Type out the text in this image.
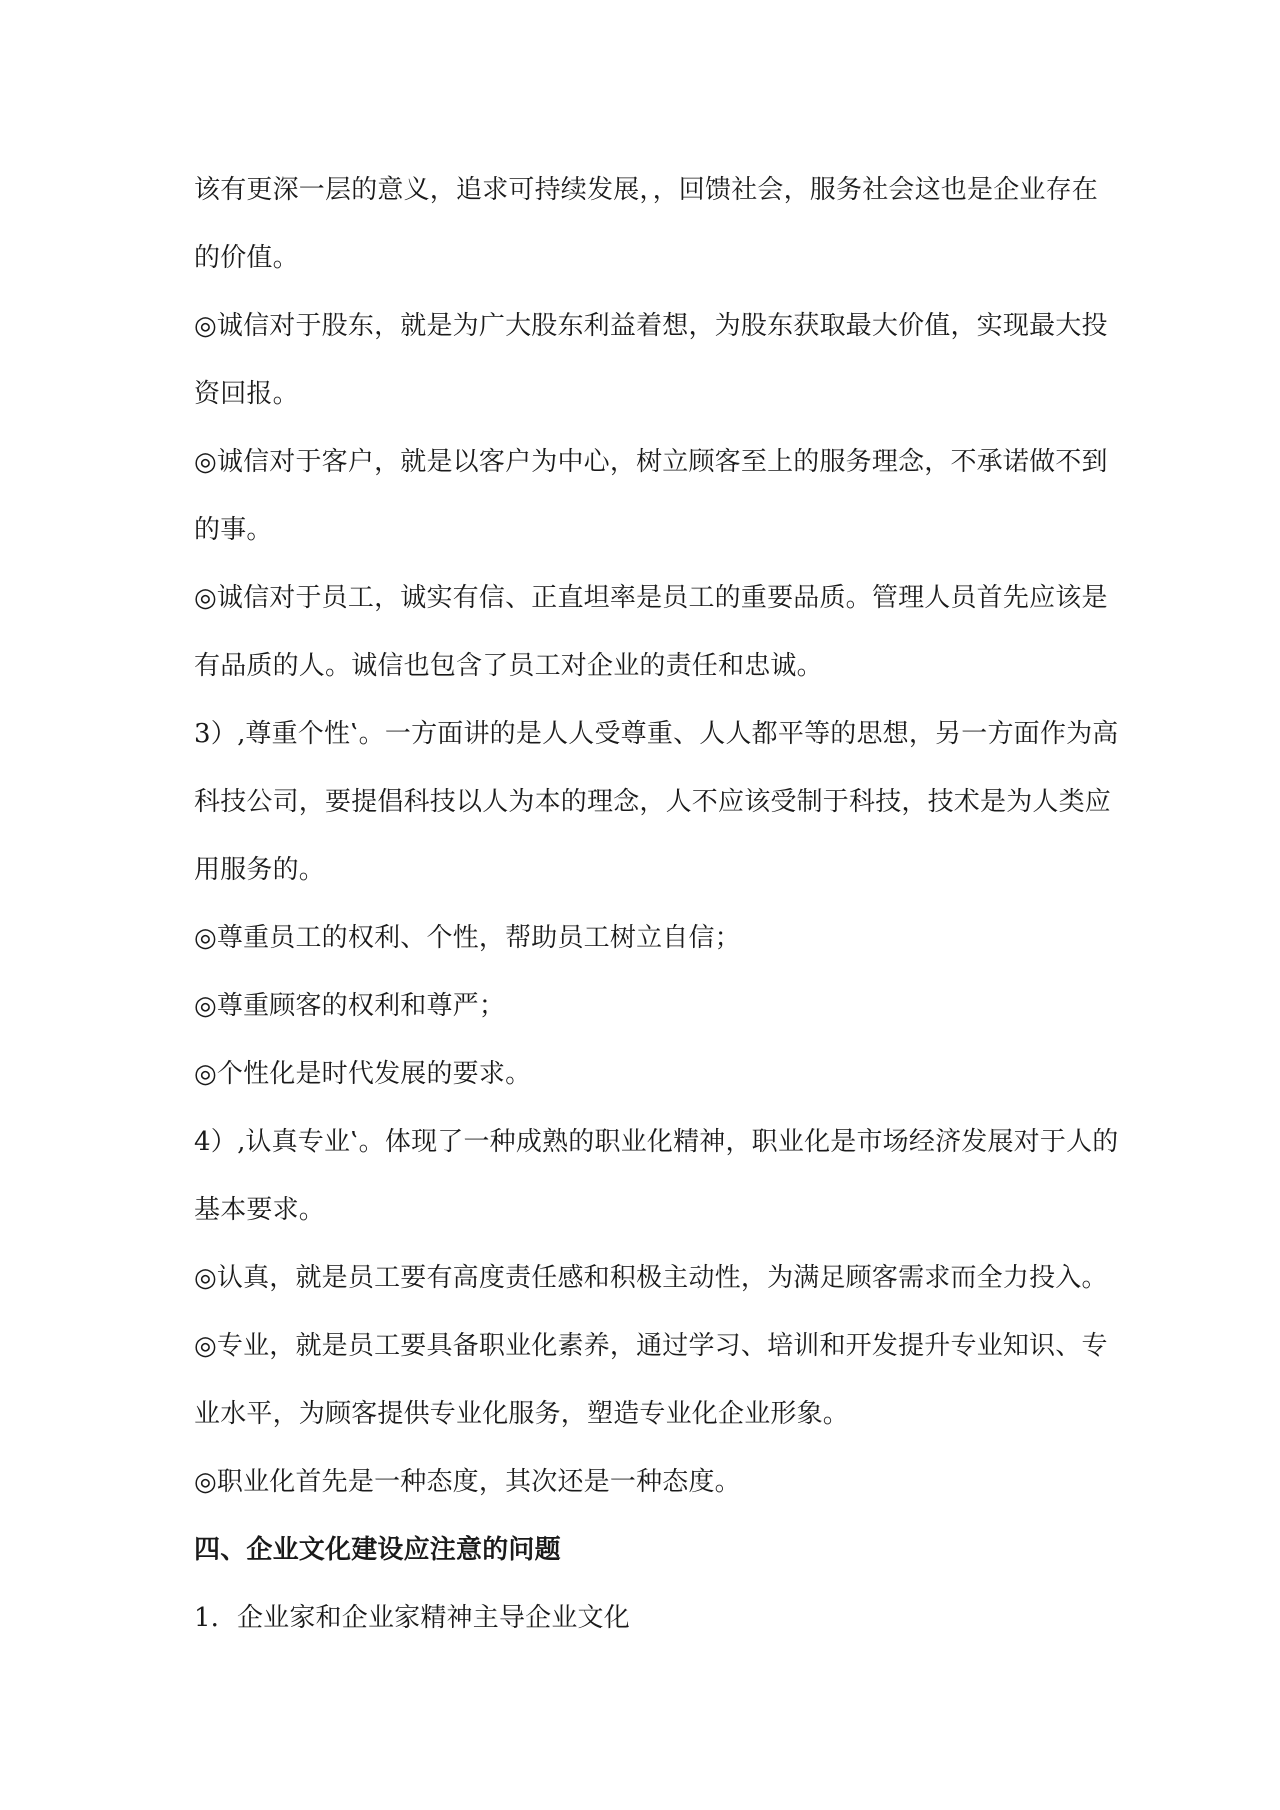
该有更深一层的意义，追求可持续发展，，回馈社会，服务社会这也是企业存在
的价值。
◎诚信对于股东，就是为广大股东利益着想，为股东获取最大价值，实现最大投
资回报。
◎诚信对于客户，就是以客户为中心，树立顾客至上的服务理念，不承诺做不到
的事。
◎诚信对于员工，诚实有信、正直坦率是员工的重要品质。管理人员首先应该是
有品质的人。诚信也包含了员工对企业的责任和忠诚。
3）‚尊重个性‛。一方面讲的是人人受尊重、人人都平等的思想，另一方面作为高
科技公司，要提倡科技以人为本的理念，人不应该受制于科技，技术是为人类应
用服务的。
◎尊重员工的权利、个性，帮助员工树立自信；
◎尊重顾客的权利和尊严；
◎个性化是时代发展的要求。
4）‚认真专业‛。体现了一种成熟的职业化精神，职业化是市场经济发展对于人的
基本要求。
◎认真，就是员工要有高度责任感和积极主动性，为满足顾客需求而全力投入。
◎专业，就是员工要具备职业化素养，通过学习、培训和开发提升专业知识、专
业水平，为顾客提供专业化服务，塑造专业化企业形象。
◎职业化首先是一种态度，其次还是一种态度。
四、企业文化建设应注意的问题
1．企业家和企业家精神主导企业文化
